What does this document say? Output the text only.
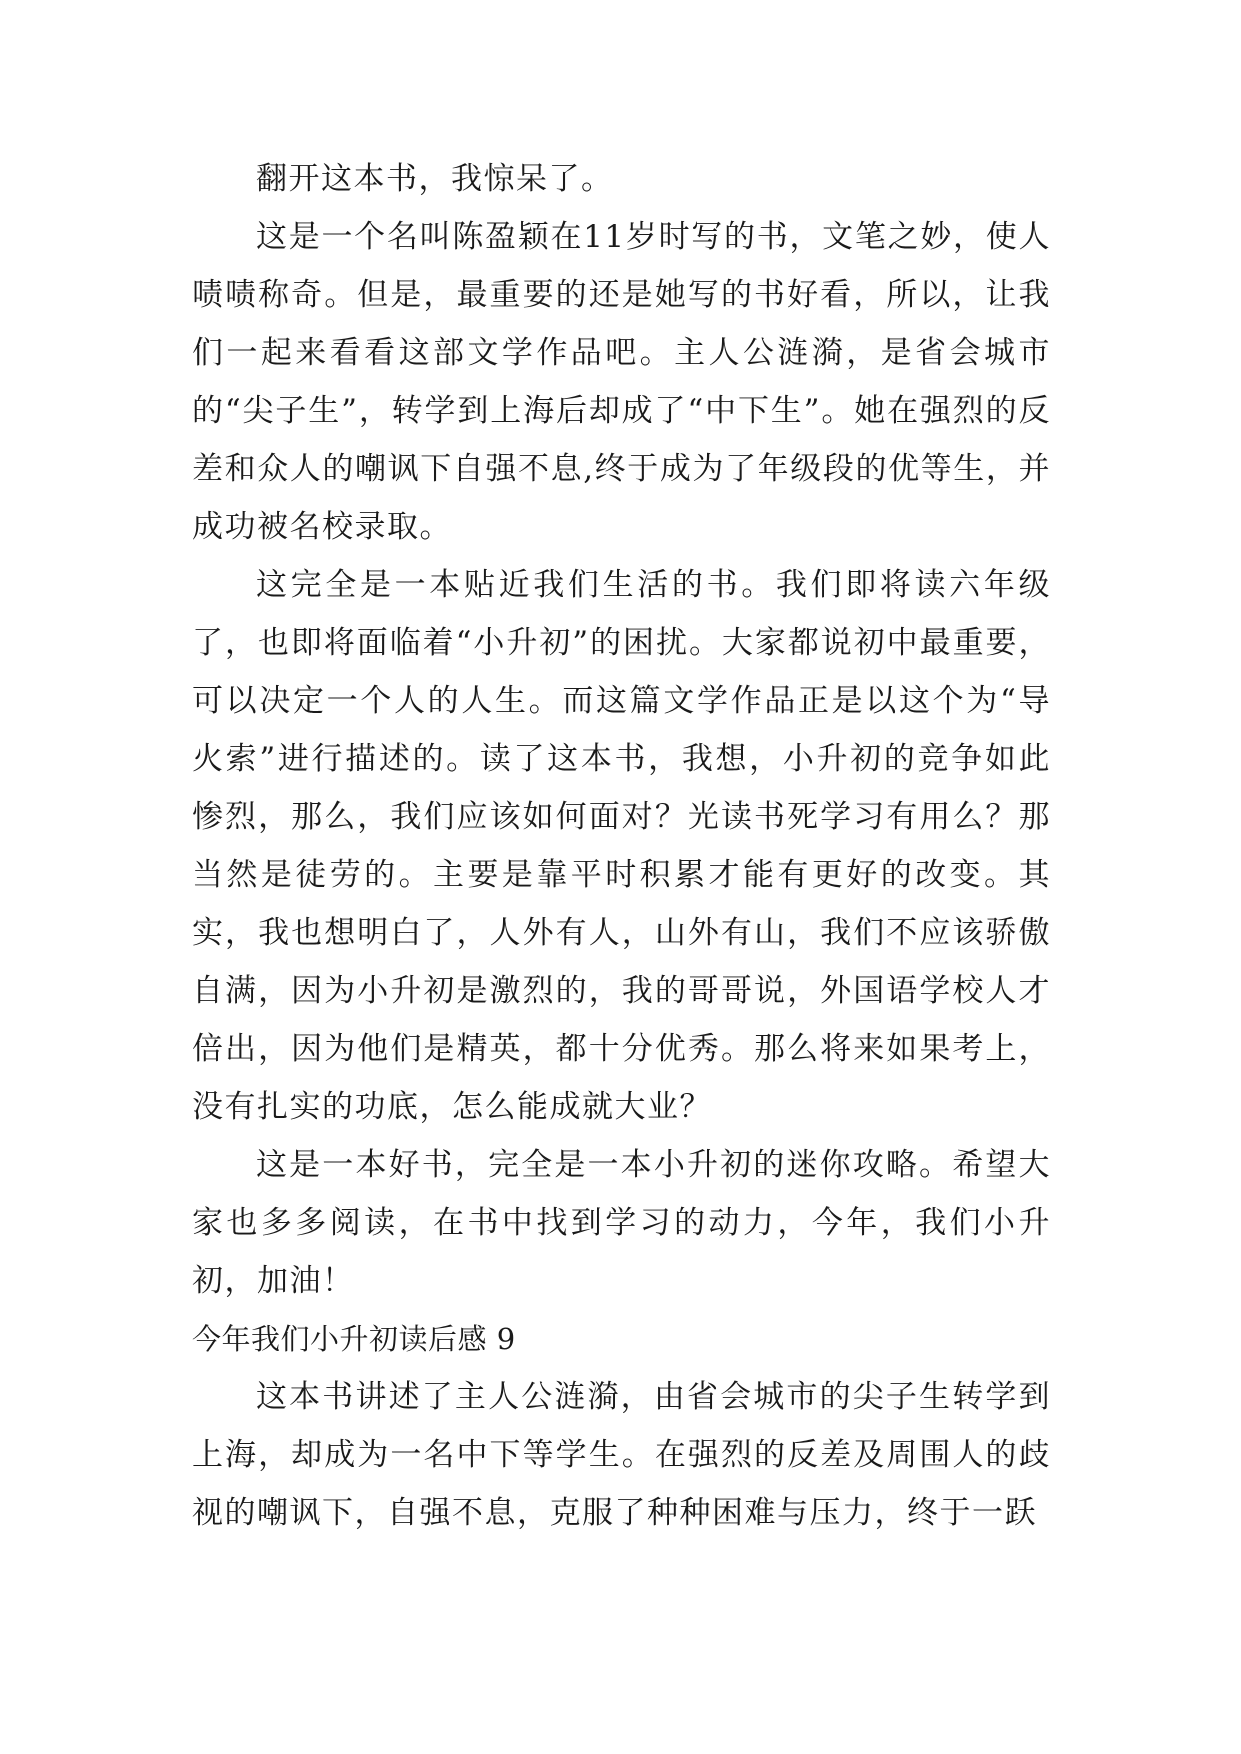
翻开这本书，我惊呆了。

这是一个名叫陈盈颖在11岁时写的书，文笔之妙，使人啧啧称奇。但是，最重要的还是她写的书好看，所以，让我们一起来看看这部文学作品吧。主人公涟漪，是省会城市的“尖子生”，转学到上海后却成了“中下生”。她在强烈的反差和众人的嘲讽下自强不息,终于成为了年级段的优等生，并成功被名校录取。

这完全是一本贴近我们生活的书。我们即将读六年级了，也即将面临着“小升初”的困扰。大家都说初中最重要，可以决定一个人的人生。而这篇文学作品正是以这个为“导火索”进行描述的。读了这本书，我想，小升初的竞争如此惨烈，那么，我们应该如何面对？光读书死学习有用么？那当然是徒劳的。主要是靠平时积累才能有更好的改变。其实，我也想明白了，人外有人，山外有山，我们不应该骄傲自满，因为小升初是激烈的，我的哥哥说，外国语学校人才倍出，因为他们是精英，都十分优秀。那么将来如果考上，没有扎实的功底，怎么能成就大业？

这是一本好书，完全是一本小升初的迷你攻略。希望大家也多多阅读，在书中找到学习的动力，今年，我们小升初，加油！

今年我们小升初读后感 9

这本书讲述了主人公涟漪，由省会城市的尖子生转学到上海，却成为一名中下等学生。在强烈的反差及周围人的歧视的嘲讽下，自强不息，克服了种种困难与压力，终于一跃
